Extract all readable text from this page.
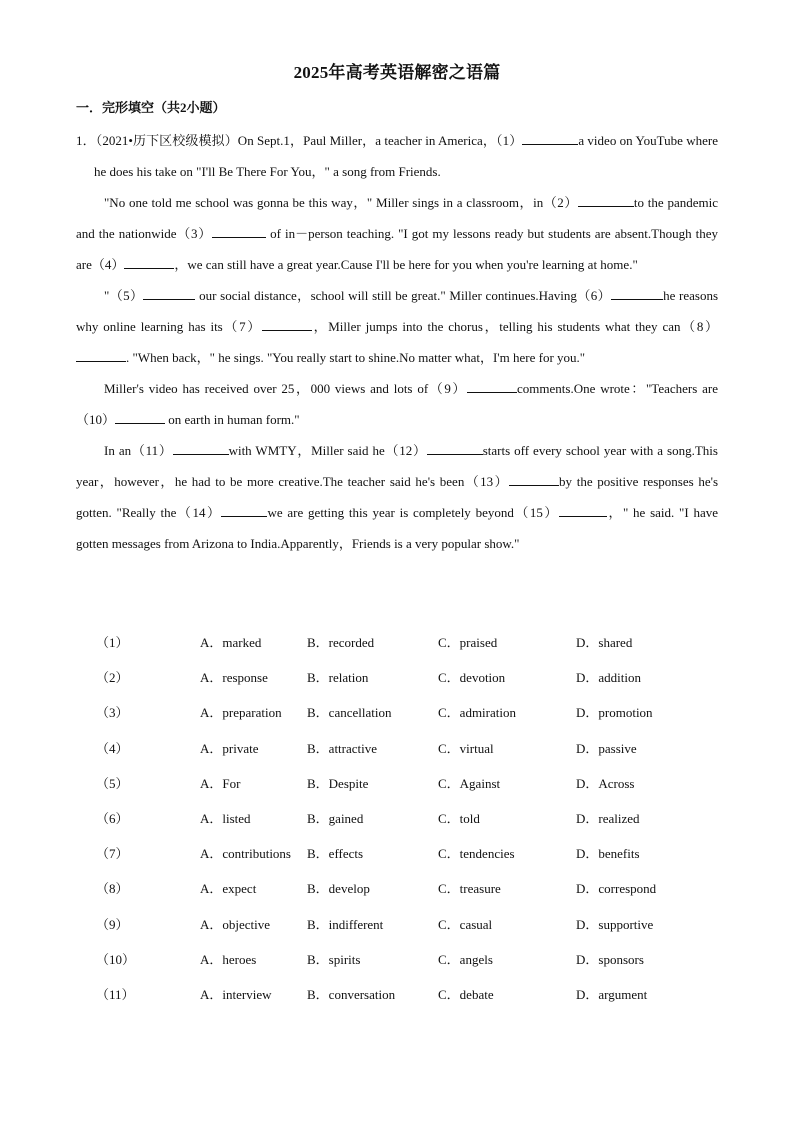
2025年高考英语解密之语篇
一．完形填空（共2小题）

1．（2021•历下区校级模拟）On Sept.1，Paul Miller，a teacher in America，（1）	a video on YouTube where he does his take on "I'll Be There For You，" a song from Friends.

"No one told me school was gonna be this way，" Miller sings in a classroom，in（2）	to the pandemic and the nationwide（3）	of in－person teaching. "I got my lessons ready but students are absent.Though they are（4）	，we can still have a great year.Cause I'll be here for you when you're learning at home."

"（5）	our social distance，school will still be great." Miller continues.Having（6）	he reasons why online learning has its（7）	，Miller jumps into the chorus，telling his students what they can（8）. "When back，" he sings. "You really start to shine.No matter what，I'm here for you."

Miller's video has received over 25，000 views and lots of（9）	comments.One wrote："Teachers are（10）	on earth in human form."

In an（11）	with WMTY，Miller said he（12）	starts off every school year with a song.This year，however，he had to be more creative.The teacher said he's been（13）	by the positive responses he's gotten. "Really the（14）	we are getting this year is completely beyond（15）	，" he said. "I have gotten messages from Arizona to India.Apparently，Friends is a very popular show."

（1）	A．marked	B．recorded	C．praised	D．shared
（2）	A．response	B．relation	C．devotion	D．addition
（3）	A．preparation B．cancellation	C．admiration	D．promotion
（4）	A．private	B．attractive	C．virtual	D．passive
（5）	A．For	B．Despite	C．Against	D．Across
（6）	A．listed	B．gained	C．told	D．realized
（7）	A．contributions B．effects	C．tendencies	D．benefits
（8）	A．expect	B．develop	C．treasure	D．correspond
（9）	A．objective	B．indifferent	C．casual	D．supportive
（10）	A．heroes	B．spirits	C．angels	D．sponsors
（11）	A．interview	B．conversation	C．debate	D．argument
